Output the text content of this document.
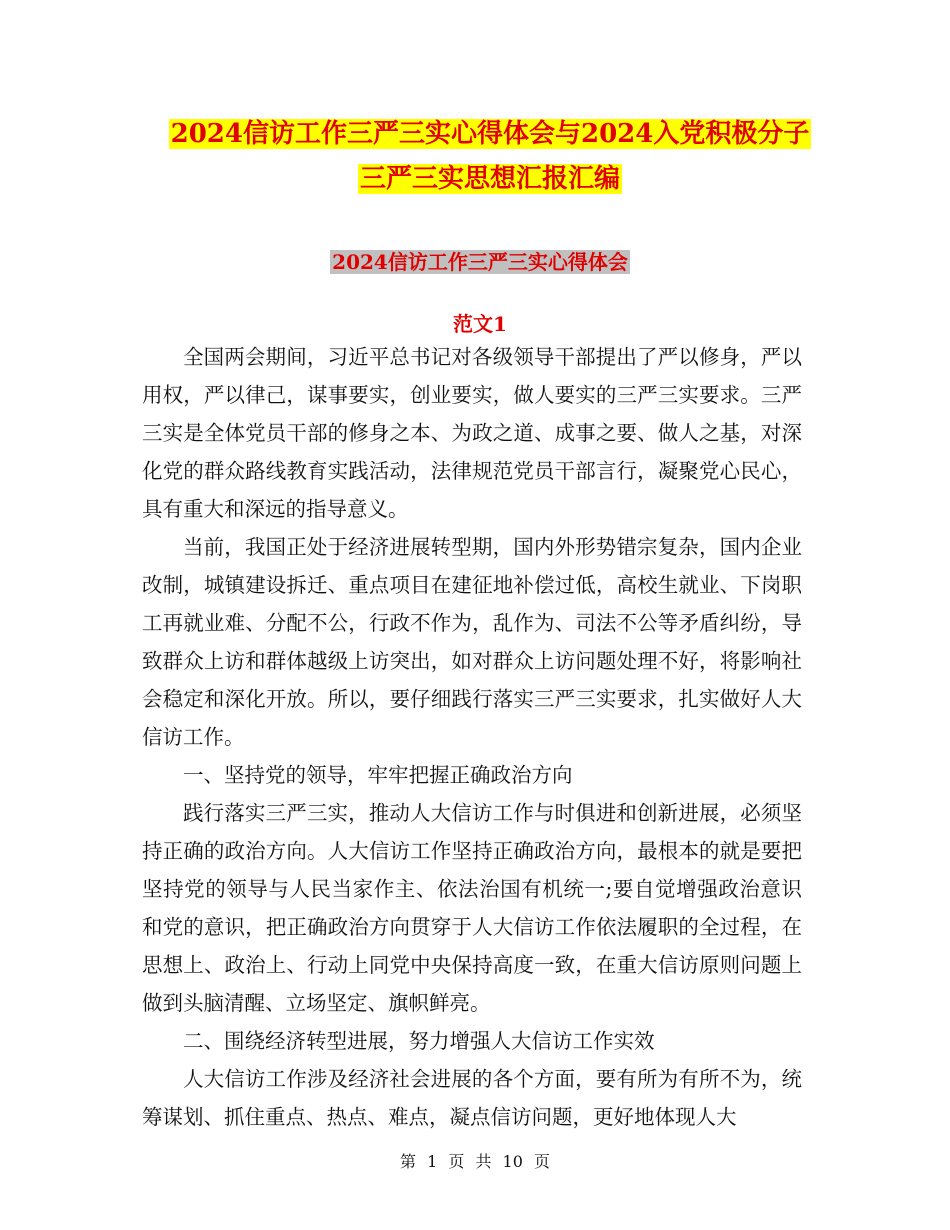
2024信访工作三严三实心得体会与2024入党积极分子
三严三实思想汇报汇编
2024信访工作三严三实心得体会
范文1

全国两会期间，习近平总书记对各级领导干部提出了严以修身，严以用权，严以律己，谋事要实，创业要实，做人要实的三严三实要求。三严三实是全体党员干部的修身之本、为政之道、成事之要、做人之基，对深化党的群众路线教育实践活动，法律规范党员干部言行，凝聚党心民心，具有重大和深远的指导意义。

当前，我国正处于经济进展转型期，国内外形势错宗复杂，国内企业改制，城镇建设拆迁、重点项目在建征地补偿过低，高校生就业、下岗职工再就业难、分配不公，行政不作为，乱作为、司法不公等矛盾纠纷，导致群众上访和群体越级上访突出，如对群众上访问题处理不好，将影响社会稳定和深化开放。所以，要仔细践行落实三严三实要求，扎实做好人大信访工作。

一、坚持党的领导，牢牢把握正确政治方向

践行落实三严三实，推动人大信访工作与时俱进和创新进展，必须坚持正确的政治方向。人大信访工作坚持正确政治方向，最根本的就是要把坚持党的领导与人民当家作主、依法治国有机统一;要自觉增强政治意识和党的意识，把正确政治方向贯穿于人大信访工作依法履职的全过程，在思想上、政治上、行动上同党中央保持高度一致，在重大信访原则问题上做到头脑清醒、立场坚定、旗帜鲜亮。

二、围绕经济转型进展，努力增强人大信访工作实效

人大信访工作涉及经济社会进展的各个方面，要有所为有所不为，统筹谋划、抓住重点、热点、难点，凝点信访问题，更好地体现人大

第 1 页 共 10 页
